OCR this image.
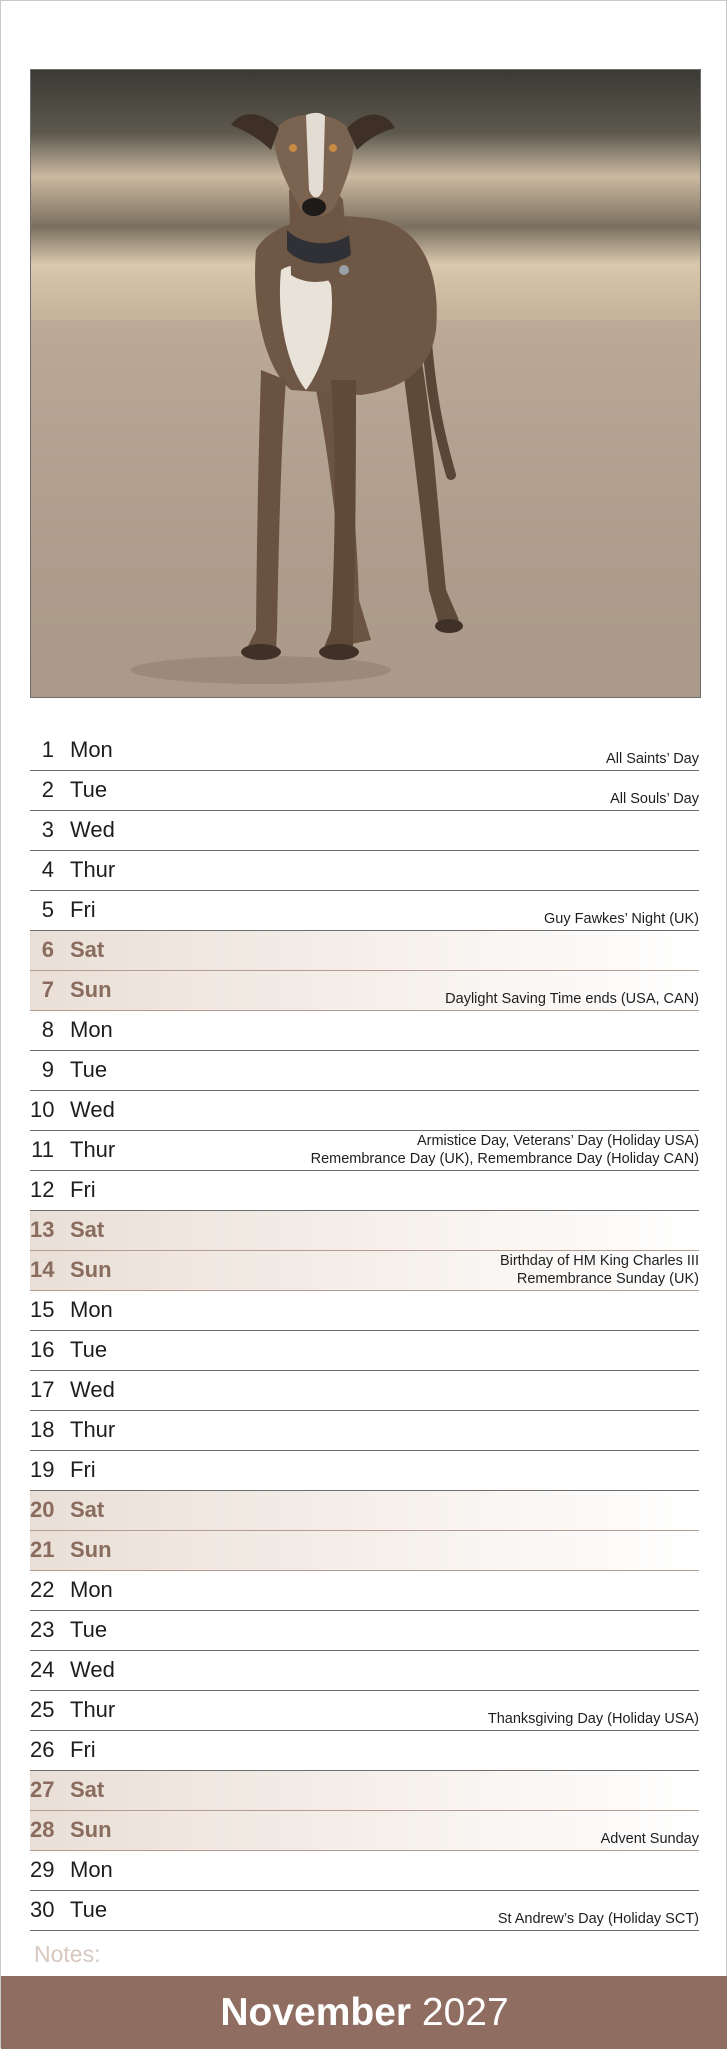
1 Mon	All Saints’ Day
2 Tue	All Souls’ Day
3 Wed
4 Thur
5 Fri	Guy Fawkes’ Night (UK)
6 Sat
7 Sun	Daylight Saving Time ends (USA, CAN)
8 Mon
9 Tue
10 Wed
11 Thur	Armistice Day, Veterans’ Day (Holiday USA)
Remembrance Day (UK), Remembrance Day (Holiday CAN)
12 Fri
13 Sat
14 Sun	Birthday of HM King Charles III
Remembrance Sunday (UK)
15 Mon
16 Tue
17 Wed
18 Thur
19 Fri
20 Sat
21 Sun
22 Mon
23 Tue
24 Wed
25 Thur	Thanksgiving Day (Holiday USA)
26 Fri
27 Sat
28 Sun	Advent Sunday
29 Mon
30 Tue	St Andrew’s Day (Holiday SCT)
Notes:
November 2027
